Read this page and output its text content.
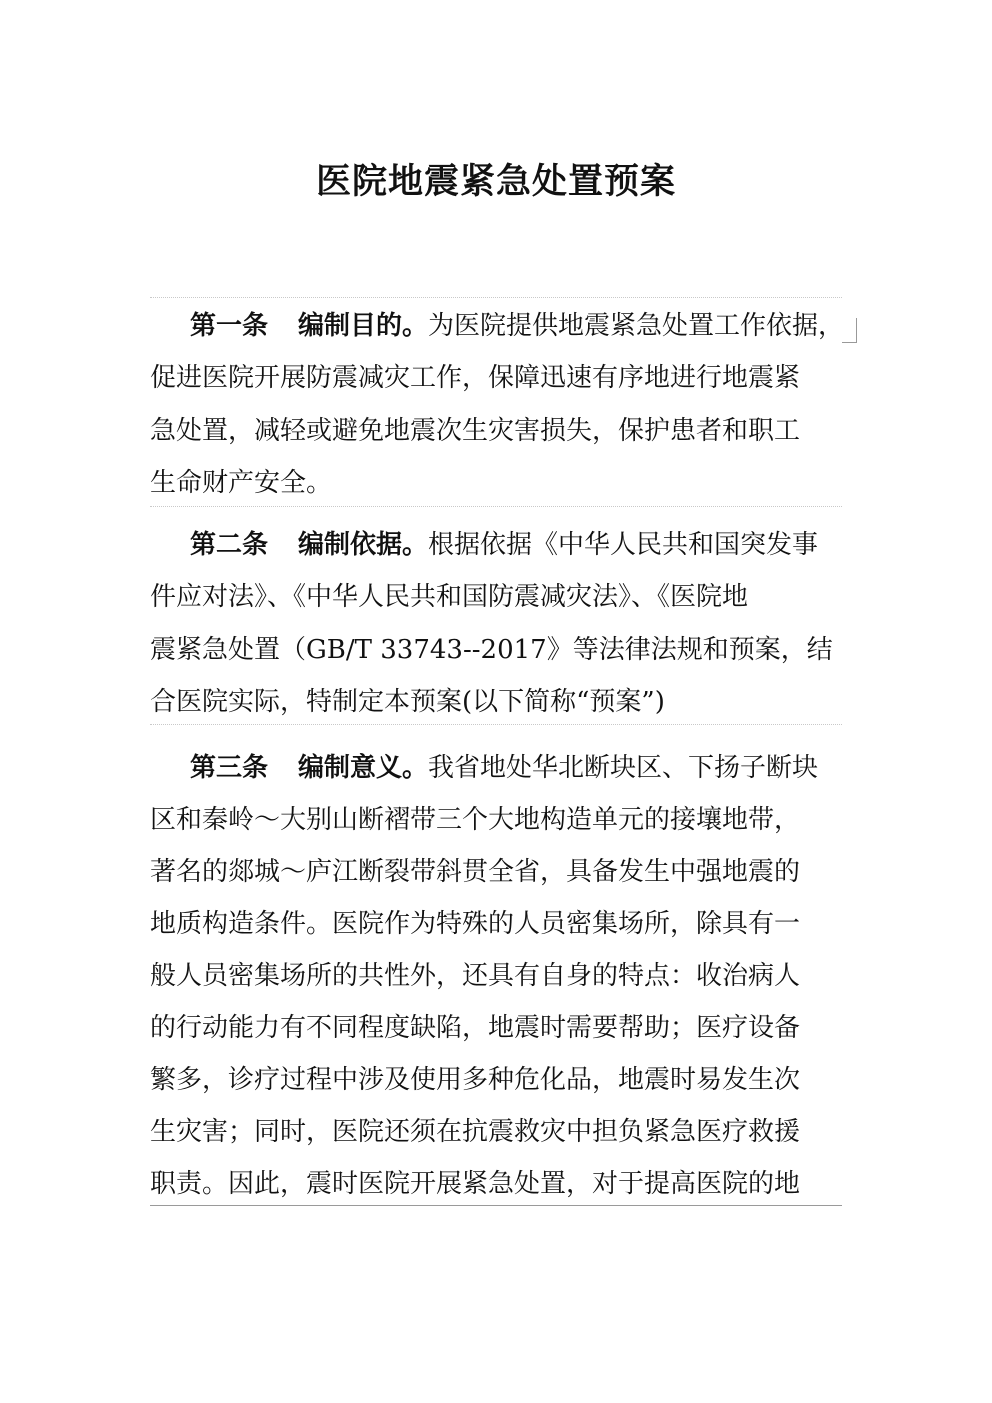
医院地震紧急处置预案
第一条 编制目的。为医院提供地震紧急处置工作依据，
促进医院开展防震减灾工作，保障迅速有序地进行地震紧
急处置，减轻或避免地震次生灾害损失，保护患者和职工
生命财产安全。
第二条 编制依据。根据依据《中华人民共和国突发事
件应对法》、《中华人民共和国防震减灾法》、《医院地
震紧急处置（GB/T 33743--2017》等法律法规和预案，结
合医院实际，特制定本预案(以下简称“预案”)
第三条 编制意义。我省地处华北断块区、下扬子断块
区和秦岭～大别山断褶带三个大地构造单元的接壤地带，
著名的郯城～庐江断裂带斜贯全省，具备发生中强地震的
地质构造条件。医院作为特殊的人员密集场所，除具有一
般人员密集场所的共性外，还具有自身的特点：收治病人
的行动能力有不同程度缺陷，地震时需要帮助；医疗设备
繁多，诊疗过程中涉及使用多种危化品，地震时易发生次
生灾害；同时，医院还须在抗震救灾中担负紧急医疗救援
职责。因此，震时医院开展紧急处置，对于提高医院的地
